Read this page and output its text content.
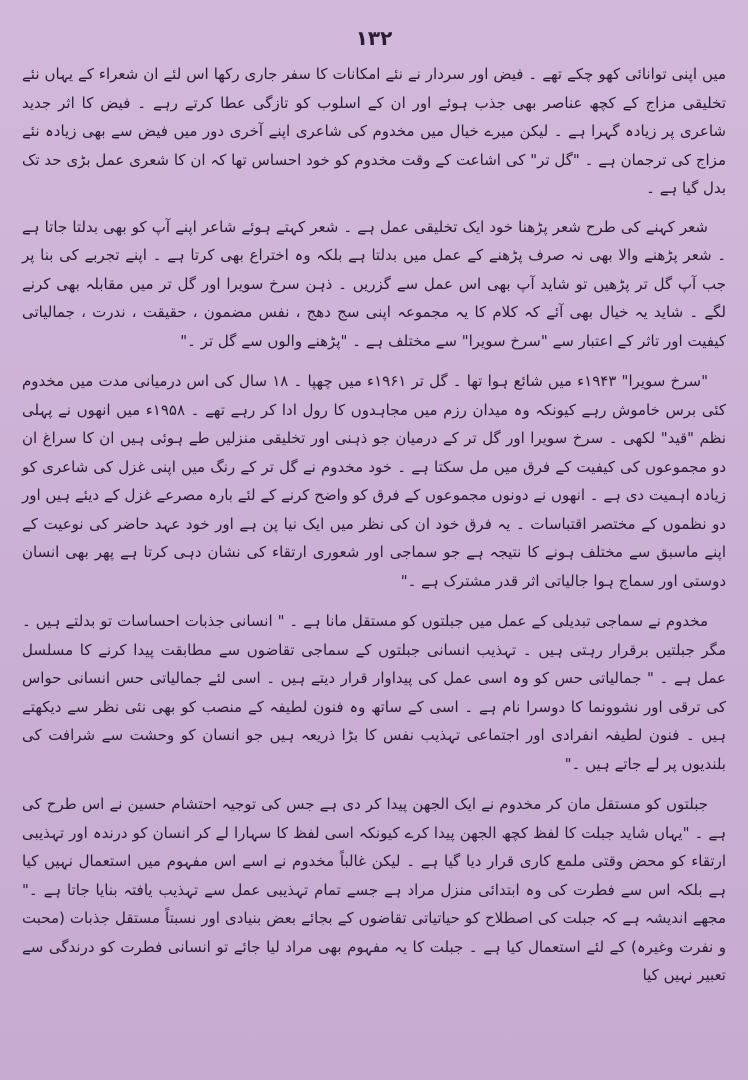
۱۳۲

میں اپنی توانائی کھو چکے تھے ۔ فیض اور سردار نے نئے امکانات کا سفر جاری رکھا اس لئے ان شعراء کے یہاں نئے تخلیقی مزاج کے کچھ عناصر بھی جذب ہوئے اور ان کے اسلوب کو تازگی عطا کرتے رہے ۔ فیض کا اثر جدید شاعری پر زیادہ گہرا ہے ۔ لیکن میرے خیال میں مخدوم کی شاعری اپنے آخری دور میں فیض سے بھی زیادہ نئے مزاج کی ترجمان ہے ۔ "گل تر" کی اشاعت کے وقت مخدوم کو خود احساس تھا کہ ان کا شعری عمل بڑی حد تک بدل گیا ہے ۔

شعر کہنے کی طرح شعر پڑھنا خود ایک تخلیقی عمل ہے ۔ شعر کہتے ہوئے شاعر اپنے آپ کو بھی بدلتا جاتا ہے ۔ شعر پڑھنے والا بھی نہ صرف پڑھنے کے عمل میں بدلتا ہے بلکہ وہ اختراع بھی کرتا ہے ۔ اپنے تجربے کی بنا پر جب آپ گل تر پڑھیں تو شاید آپ بھی اس عمل سے گزریں ۔ ذہن سرخ سویرا اور گل تر میں مقابلہ بھی کرنے لگے ۔ شاید یہ خیال بھی آئے کہ کلام کا یہ مجموعہ اپنی سج دھج ، نفس مضمون ، حقیقت ، ندرت ، جمالیاتی کیفیت اور تاثر کے اعتبار سے "سرخ سویرا" سے مختلف ہے ۔ "پڑھنے والوں سے گل تر ۔"

"سرخ سویرا" ۱۹۴۳ء میں شائع ہوا تھا ۔ گل تر ۱۹۶۱ء میں چھپا ۔ ۱۸ سال کی اس درمیانی مدت میں مخدوم کئی برس خاموش رہے کیونکہ وہ میدان رزم میں مجاہدوں کا رول ادا کر رہے تھے ۔ ۱۹۵۸ء میں انھوں نے پہلی نظم "قید" لکھی ۔ سرخ سویرا اور گل تر کے درمیان جو ذہنی اور تخلیقی منزلیں طے ہوئی ہیں ان کا سراغ ان دو مجموعوں کی کیفیت کے فرق میں مل سکتا ہے ۔ خود مخدوم نے گل تر کے رنگ میں اپنی غزل کی شاعری کو زیادہ اہمیت دی ہے ۔ انھوں نے دونوں مجموعوں کے فرق کو واضح کرنے کے لئے بارہ مصرعے غزل کے دیئے ہیں اور دو نظموں کے مختصر اقتباسات ۔ یہ فرق خود ان کی نظر میں ایک نیا پن ہے اور خود عہد حاضر کی نوعیت کے اپنے ماسبق سے مختلف ہونے کا نتیجہ ہے جو سماجی اور شعوری ارتقاء کی نشان دہی کرتا ہے پھر بھی انسان دوستی اور سماج ہوا جالیاتی اثر قدر مشترک ہے ۔"

مخدوم نے سماجی تبدیلی کے عمل میں جبلتوں کو مستقل مانا ہے ۔ " انسانی جذبات احساسات تو بدلتے ہیں ۔ مگر جبلتیں برقرار رہتی ہیں ۔ تہذیب انسانی جبلتوں کے سماجی تقاضوں سے مطابقت پیدا کرنے کا مسلسل عمل ہے ۔ " جمالیاتی حس کو وہ اسی عمل کی پیداوار قرار دیتے ہیں ۔ اسی لئے جمالیاتی حس انسانی حواس کی ترقی اور نشوونما کا دوسرا نام ہے ۔ اسی کے ساتھ وہ فنون لطیفہ کے منصب کو بھی نئی نظر سے دیکھتے ہیں ۔ فنون لطیفہ انفرادی اور اجتماعی تہذیب نفس کا بڑا ذریعہ ہیں جو انسان کو وحشت سے شرافت کی بلندیوں پر لے جاتے ہیں ۔"

جبلتوں کو مستقل مان کر مخدوم نے ایک الجھن پیدا کر دی ہے جس کی توجیہ احتشام حسین نے اس طرح کی ہے ۔ "یہاں شاید جبلت کا لفظ کچھ الجھن پیدا کرے کیونکہ اسی لفظ کا سہارا لے کر انسان کو درندہ اور تہذیبی ارتقاء کو محض وقتی ملمع کاری قرار دیا گیا ہے ۔ لیکن غالباً مخدوم نے اسے اس مفہوم میں استعمال نہیں کیا ہے بلکہ اس سے فطرت کی وہ ابتدائی منزل مراد ہے جسے تمام تہذیبی عمل سے تہذیب یافتہ بنایا جاتا ہے ۔" مجھے اندیشہ ہے کہ جبلت کی اصطلاح کو حیاتیاتی تقاضوں کے بجائے بعض بنیادی اور نسبتاً مستقل جذبات (محبت و نفرت وغیرہ) کے لئے استعمال کیا ہے ۔ جبلت کا یہ مفہوم بھی مراد لیا جائے تو انسانی فطرت کو درندگی سے تعبیر نہیں کیا
